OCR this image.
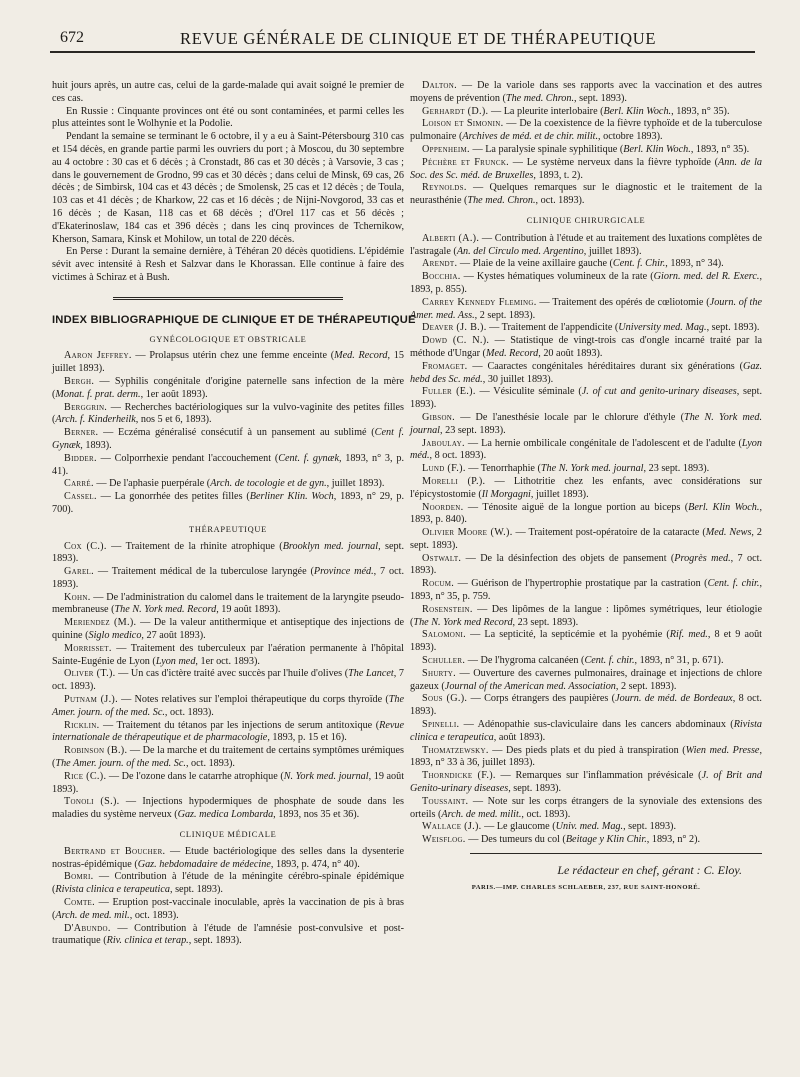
672	REVUE GÉNÉRALE DE CLINIQUE ET DE THÉRAPEUTIQUE

huit jours après, un autre cas, celui de la garde-malade qui avait soigné le premier de ces cas.

En Russie : Cinquante provinces ont été ou sont contaminées, et parmi celles les plus atteintes sont le Wolhynie et la Podolie.

Pendant la semaine se terminant le 6 octobre, il y a eu à Saint-Pétersbourg 310 cas et 154 décès, en grande partie parmi les ouvriers du port ; à Moscou, du 30 septembre au 4 octobre : 30 cas et 6 décès ; à Cronstadt, 86 cas et 30 décès ; à Varsovie, 3 cas ; dans le gouvernement de Grodno, 99 cas et 30 décès ; dans celui de Minsk, 69 cas, 26 décès ; de Simbirsk, 104 cas et 43 décès ; de Smolensk, 25 cas et 12 décès ; de Toula, 103 cas et 41 décès ; de Kharkow, 22 cas et 16 décès ; de Nijni-Novgorod, 33 cas et 16 décès ; de Kasan, 118 cas et 68 décès ; d'Orel 117 cas et 56 décès ; d'Ekaterinoslaw, 184 cas et 396 décès ; dans les cinq provinces de Tchernikow, Kherson, Samara, Kinsk et Mohilow, un total de 220 décès.

En Perse : Durant la semaine dernière, à Téhéran 20 décès quotidiens. L'épidémie sévit avec intensité à Resh et Salzvar dans le Khorassan. Elle continue à faire des victimes à Schiraz et à Bush.

INDEX BIBLIOGRAPHIQUE DE CLINIQUE ET DE THÉRAPEUTIQUE
GYNÉCOLOGIQUE ET OBSTRICALE

Aaron Jeffrey. — Prolapsus utérin chez une femme enceinte (Med. Record, 15 juillet 1893).

Bergh. — Syphilis congénitale d'origine paternelle sans infection de la mère (Monat. f. prat. derm., 1er août 1893).

Berggrin. — Recherches bactériologiques sur la vulvo-vaginite des petites filles (Arch. f. Kinderheilk, nos 5 et 6, 1893).

Berner. — Eczéma généralisé consécutif à un pansement au sublimé (Cent f. Gynæk, 1893).

Bidder. — Colporrhexie pendant l'accouchement (Cent. f. gynæk, 1893, n° 3, p. 41).

Carré. — De l'aphasie puerpérale (Arch. de tocologie et de gyn., juillet 1893).

Cassel. — La gonorrhée des petites filles (Berliner Klin. Woch, 1893, n° 29, p. 700).

THÉRAPEUTIQUE

Cox (C.). — Traitement de la rhinite atrophique (Brooklyn med. journal, sept. 1893).

Garel. — Traitement médical de la tuberculose laryngée (Province méd., 7 oct. 1893).

Kohn. — De l'administration du calomel dans le traitement de la laryngite pseudo-membraneuse (The N. York med. Record, 19 août 1893).

Meriendez (M.). — De la valeur antithermique et antiseptique des injections de quinine (Siglo medico, 27 août 1893).

Morrisset. — Traitement des tuberculeux par l'aération permanente à l'hôpital Sainte-Eugénie de Lyon (Lyon med, 1er oct. 1893).

Oliver (T.). — Un cas d'ictère traité avec succès par l'huile d'olives (The Lancet, 7 oct. 1893).

Putnam (J.). — Notes relatives sur l'emploi thérapeutique du corps thyroïde (The Amer. journ. of the med. Sc., oct. 1893).

Ricklin. — Traitement du tétanos par les injections de serum antitoxique (Revue internationale de thérapeutique et de pharmacologie, 1893, p. 15 et 16).

Robinson (B.). — De la marche et du traitement de certains symptômes urémiques (The Amer. journ. of the med. Sc., oct. 1893).

Rice (C.). — De l'ozone dans le catarrhe atrophique (N. York med. journal, 19 août 1893).

Tonoli (S.). — Injections hypodermiques de phosphate de soude dans les maladies du système nerveux (Gaz. medica Lombarda, 1893, nos 35 et 36).

CLINIQUE MÉDICALE

Bertrand et Boucher. — Etude bactériologique des selles dans la dysenterie nostras-épidémique (Gaz. hebdomadaire de médecine, 1893, p. 474, n° 40).

Bomri. — Contribution à l'étude de la méningite cérébro-spinale épidémique (Rivista clinica e terapeutica, sept. 1893).

Comte. — Eruption post-vaccinale inoculable, après la vaccination de pis à bras (Arch. de med. mil., oct. 1893).

D'Abundo. — Contribution à l'étude de l'amnésie post-convulsive et post-traumatique (Riv. clinica et terap., sept. 1893).

Dalton. — De la variole dans ses rapports avec la vaccination et des autres moyens de prévention (The med. Chron., sept. 1893).

Gerhardt (D.). — La pleurite interlobaire (Berl. Klin Woch., 1893, n° 35).

Loison et Simonin. — De la coexistence de la fièvre typhoïde et de la tuberculose pulmonaire (Archives de méd. et de chir. milit., octobre 1893).

Oppenheim. — La paralysie spinale syphilitique (Berl. Klin Woch., 1893, n° 35).

Péchère et Frunck. — Le système nerveux dans la fièvre typhoïde (Ann. de la Soc. des Sc. méd. de Bruxelles, 1893, t. 2).

Reynolds. — Quelques remarques sur le diagnostic et le traitement de la neurasthénie (The med. Chron., oct. 1893).

CLINIQUE CHIRURGICALE

Alberti (A.). — Contribution à l'étude et au traitement des luxations complètes de l'astragale (An. del Circulo med. Argentino, juillet 1893).

Arendt. — Plaie de la veine axillaire gauche (Cent. f. Chir., 1893, n° 34).

Bocchia. — Kystes hématiques volumineux de la rate (Giorn. med. del R. Exerc., 1893, p. 855).

Carrey Kennedy Fleming. — Traitement des opérés de cœliotomie (Journ. of the Amer. med. Ass., 2 sept. 1893).

Deaver (J. B.). — Traitement de l'appendicite (University med. Mag., sept. 1893).

Dowd (C. N.). — Statistique de vingt-trois cas d'ongle incarné traité par la méthode d'Ungar (Med. Record, 20 août 1893).

Fromaget. — Caaractes congénitales héréditaires durant six générations (Gaz. hebd des Sc. méd., 30 juillet 1893).

Fuller (E.). — Vésiculite séminale (J. of cut and genito-urinary diseases, sept. 1893).

Gibson. — De l'anesthésie locale par le chlorure d'éthyle (The N. York med. journal, 23 sept. 1893).

Jaboulay. — La hernie ombilicale congénitale de l'adolescent et de l'adulte (Lyon méd., 8 oct. 1893).

Lund (F.). — Tenorrhaphie (The N. York med. journal, 23 sept. 1893).

Morelli (P.). — Lithotritie chez les enfants, avec considérations sur l'épicystostomie (Il Morgagni, juillet 1893).

Noorden. — Ténosite aiguë de la longue portion au biceps (Berl. Klin Woch., 1893, p. 840).

Olivier Moore (W.). — Traitement post-opératoire de la cataracte (Med. News, 2 sept. 1893).

Ostwalt. — De la désinfection des objets de pansement (Progrès med., 7 oct. 1893).

Rocum. — Guérison de l'hypertrophie prostatique par la castration (Cent. f. chir., 1893, n° 35, p. 759.

Rosenstein. — Des lipômes de la langue : lipômes symétriques, leur étiologie (The N. York med Record, 23 sept. 1893).

Salomoni. — La septicité, la septicémie et la pyohémie (Rif. med., 8 et 9 août 1893).

Schuller. — De l'hygroma calcanéen (Cent. f. chir., 1893, n° 31, p. 671).

Shurty. — Ouverture des cavernes pulmonaires, drainage et injections de chlore gazeux (Journal of the American med. Association, 2 sept. 1893).

Sous (G.). — Corps étrangers des paupières (Journ. de méd. de Bordeaux, 8 oct. 1893).

Spinelli. — Adénopathie sus-claviculaire dans les cancers abdominaux (Rivista clinica e terapeutica, août 1893).

Thomatzewsky. — Des pieds plats et du pied à transpiration (Wien med. Presse, 1893, n° 33 à 36, juillet 1893).

Thorndicke (F.). — Remarques sur l'inflammation prévésicale (J. of Brit and Genito-urinary diseases, sept. 1893).

Toussaint. — Note sur les corps étrangers de la synoviale des extensions des orteils (Arch. de med. milit., oct. 1893).

Wallace (J.). — Le glaucome (Univ. med. Mag., sept. 1893).

Weisflog. — Des tumeurs du col (Beitage y Klin Chir., 1893, n° 2).

Le rédacteur en chef, gérant : C. Eloy.
PARIS.—IMP. CHARLES SCHLAEBER, 237, RUE SAINT-HONORÉ.
